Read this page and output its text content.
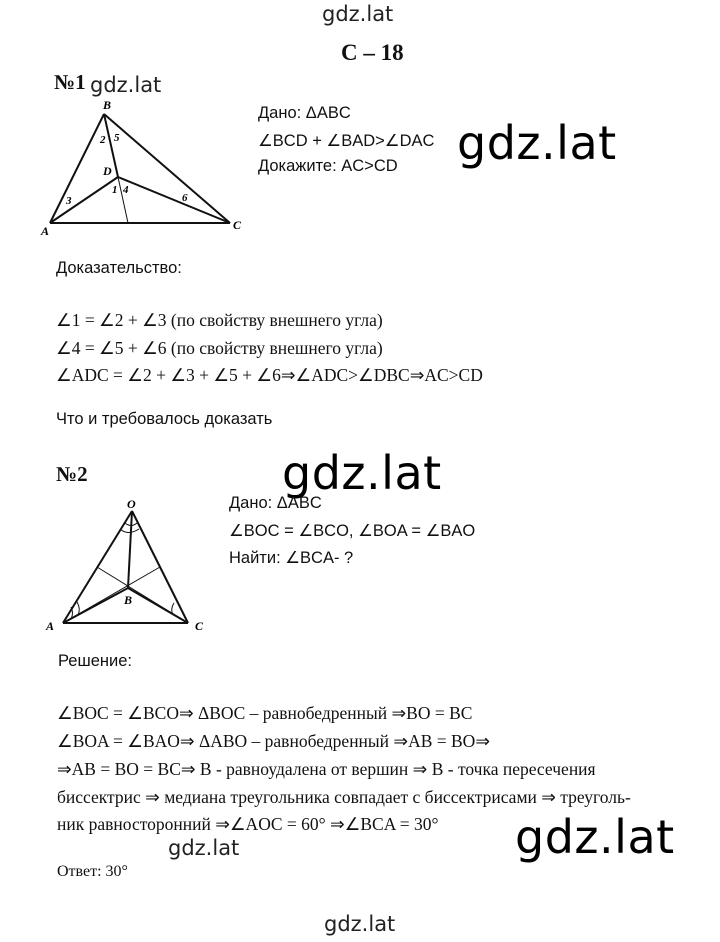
gdz.lat
gdz.lat
gdz.lat
gdz.lat
gdz.lat
gdz.lat
gdz.lat
С – 18
№1
B
A	C
D
2 5
3
1 4
6
Дано: ΔABC
∠BCD + ∠BAD>∠DAC
Докажите: AC>CD
Доказательство:
∠1 = ∠2 + ∠3 (по свойству внешнего угла)
∠4 = ∠5 + ∠6 (по свойству внешнего угла)
∠ADC = ∠2 + ∠3 + ∠5 + ∠6⇒∠ADC>∠DBC⇒AC>CD
Что и требовалось доказать
№2
O
A	C
B
Дано: ΔABC
∠BOC = ∠BCO, ∠BOA = ∠BAO
Найти: ∠BCA- ?
Решение:
∠BOC = ∠BCO⇒ ΔBOC – равнобедренный ⇒BO = BC
∠BOA = ∠BAO⇒ ΔABO – равнобедренный ⇒AB = BO⇒
⇒AB = BO = BC⇒ B - равноудалена от вершин ⇒ B - точка пересечения
биссектрис ⇒ медиана треугольника совпадает с биссектрисами ⇒ треуголь-
ник равносторонний ⇒∠AOC = 60° ⇒∠BCA = 30°
Ответ: 30°
